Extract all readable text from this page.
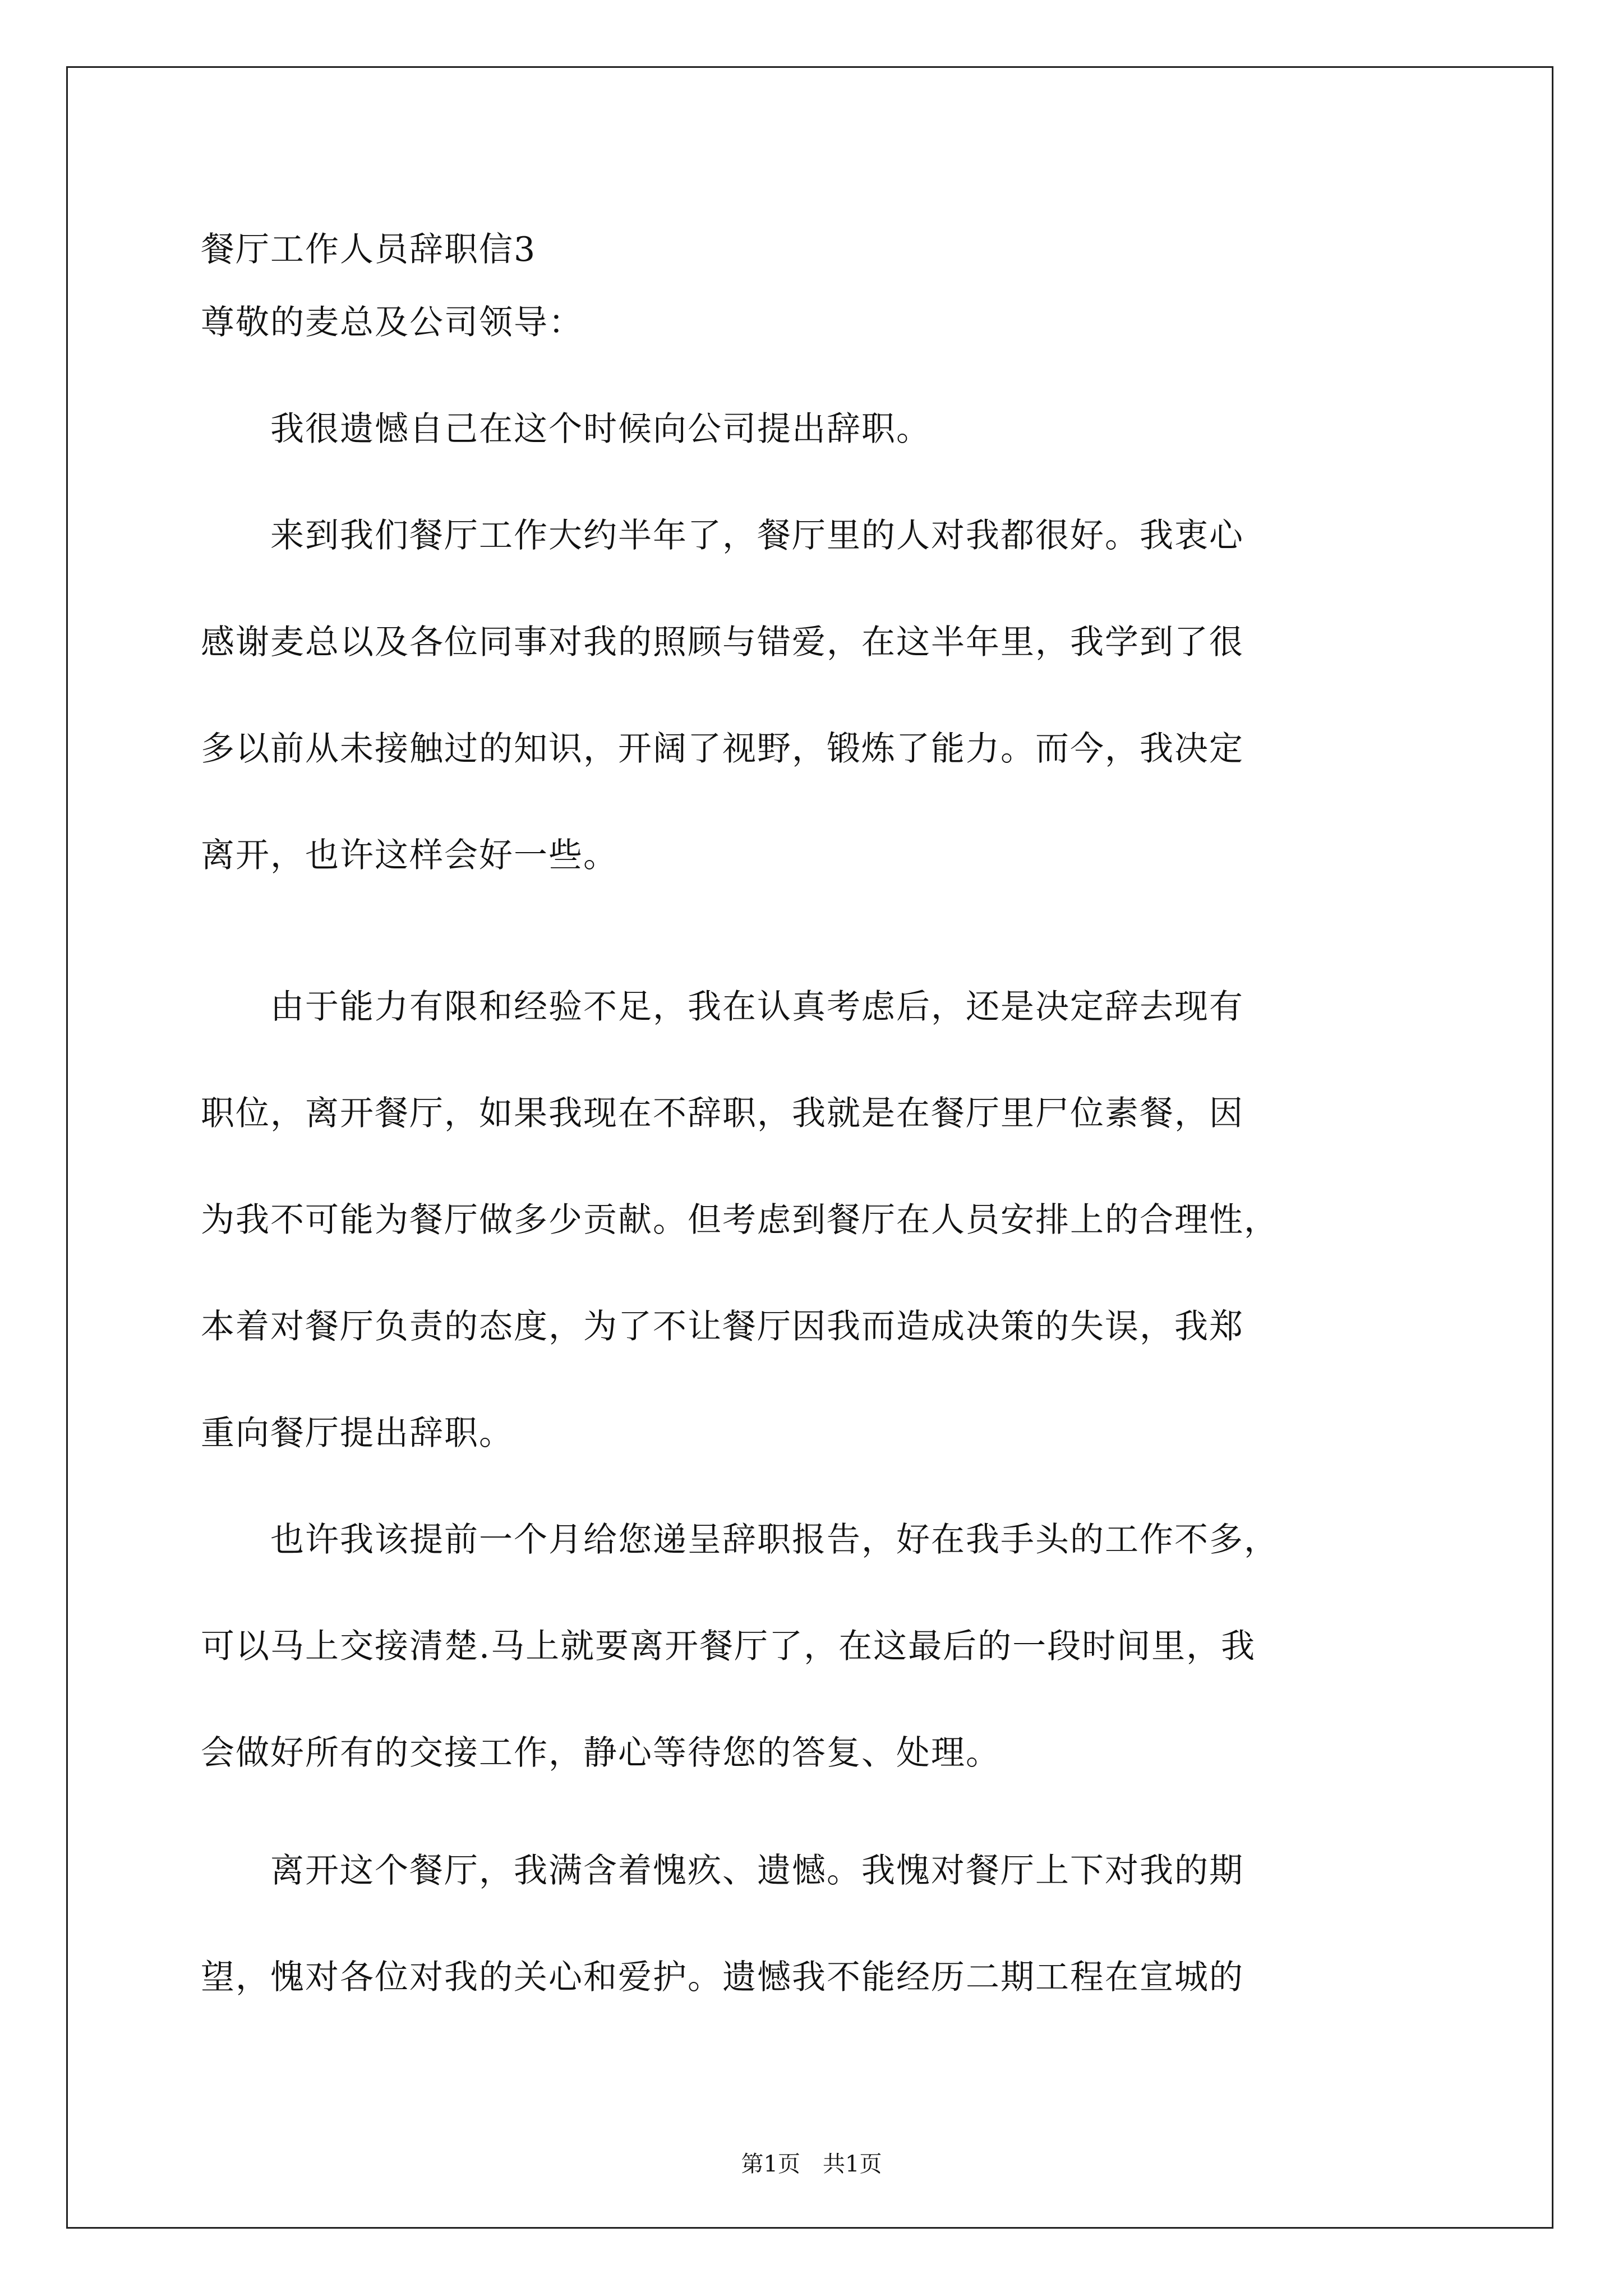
餐厅工作人员辞职信3
尊敬的麦总及公司领导：
　　我很遗憾自己在这个时候向公司提出辞职。
　　来到我们餐厅工作大约半年了，餐厅里的人对我都很好。我衷心
感谢麦总以及各位同事对我的照顾与错爱，在这半年里，我学到了很
多以前从未接触过的知识，开阔了视野，锻炼了能力。而今，我决定
离开，也许这样会好一些。
　　由于能力有限和经验不足，我在认真考虑后，还是决定辞去现有
职位，离开餐厅，如果我现在不辞职，我就是在餐厅里尸位素餐，因
为我不可能为餐厅做多少贡献。但考虑到餐厅在人员安排上的合理性，
本着对餐厅负责的态度，为了不让餐厅因我而造成决策的失误，我郑
重向餐厅提出辞职。
　　也许我该提前一个月给您递呈辞职报告，好在我手头的工作不多，
可以马上交接清楚.马上就要离开餐厅了，在这最后的一段时间里，我
会做好所有的交接工作，静心等待您的答复、处理。
　　离开这个餐厅，我满含着愧疚、遗憾。我愧对餐厅上下对我的期
望，愧对各位对我的关心和爱护。遗憾我不能经历二期工程在宣城的
第1页　共1页
